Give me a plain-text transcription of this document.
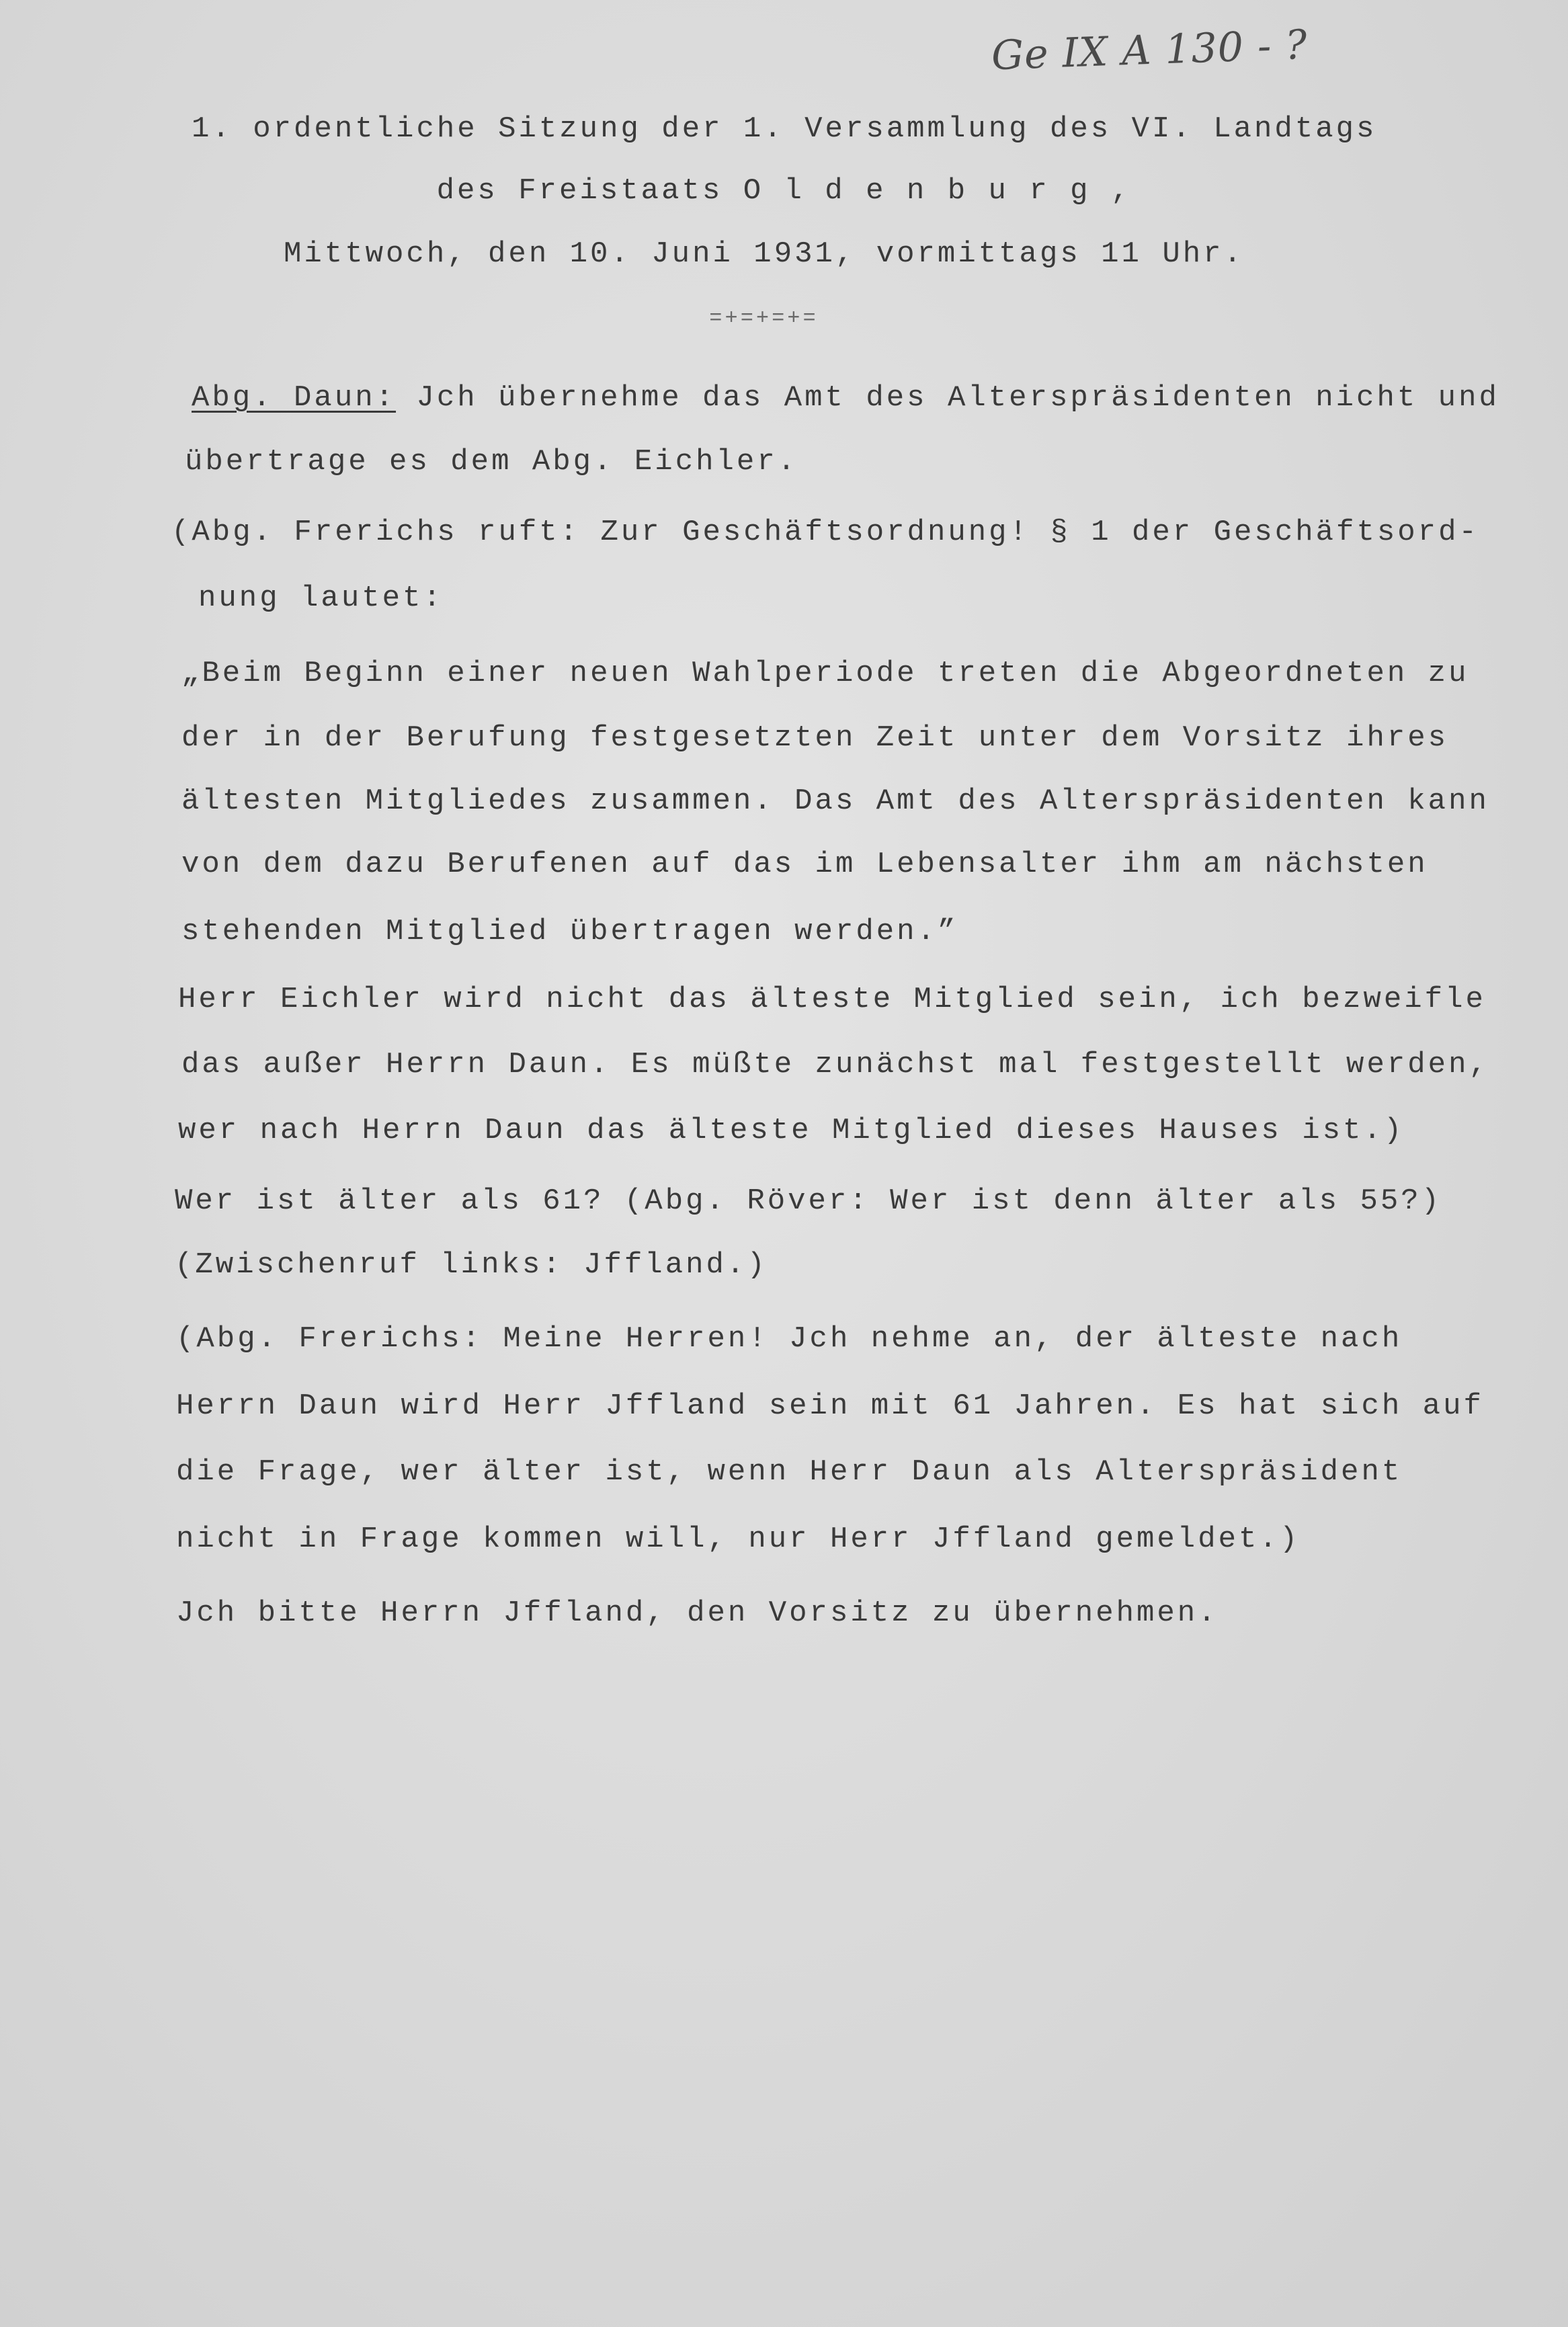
Ge IX A 130 - ?
1. ordentliche Sitzung der 1. Versammlung des VI. Landtags
des Freistaats O l d e n b u r g ,
Mittwoch, den 10. Juni 1931, vormittags 11 Uhr.
=+=+=+=
Abg. Daun: Jch übernehme das Amt des Alterspräsidenten nicht und
übertrage es dem Abg. Eichler.
(Abg. Frerichs ruft: Zur Geschäftsordnung! § 1 der Geschäftsord-
nung lautet:
„Beim Beginn einer neuen Wahlperiode treten die Abgeordneten zu
der in der Berufung festgesetzten Zeit unter dem Vorsitz ihres
ältesten Mitgliedes zusammen. Das Amt des Alterspräsidenten kann
von dem dazu Berufenen auf das im Lebensalter ihm am nächsten
stehenden Mitglied übertragen werden.”
Herr Eichler wird nicht das älteste Mitglied sein, ich bezweifle
das außer Herrn Daun. Es müßte zunächst mal festgestellt werden,
wer nach Herrn Daun das älteste Mitglied dieses Hauses ist.)
Wer ist älter als 61? (Abg. Röver: Wer ist denn älter als 55?)
(Zwischenruf links: Jffland.)
(Abg. Frerichs: Meine Herren! Jch nehme an, der älteste nach
Herrn Daun wird Herr Jffland sein mit 61 Jahren. Es hat sich auf
die Frage, wer älter ist, wenn Herr Daun als Alterspräsident
nicht in Frage kommen will, nur Herr Jffland gemeldet.)
Jch bitte Herrn Jffland, den Vorsitz zu übernehmen.
